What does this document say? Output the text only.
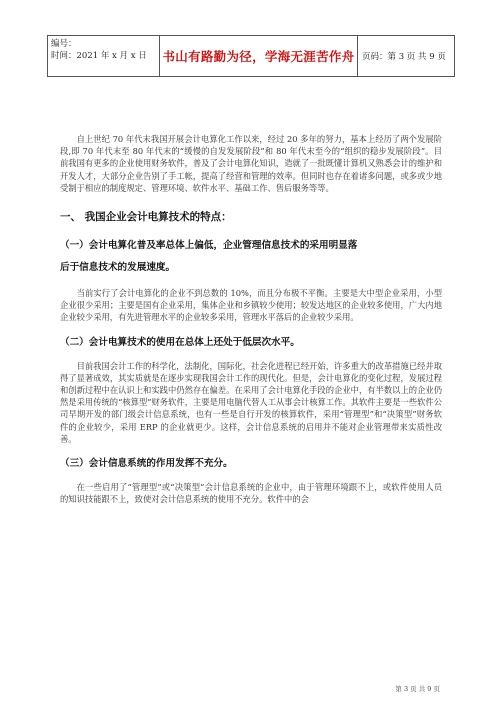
编号：
时间：2021 年 x 月 x 日	书山有路勤为径，学海无涯苦作舟 页码：第 3 页 共 9 页

自上世纪 70 年代末我国开展会计电算化工作以来，经过 20 多年的努力，基本上经历了两个发展阶段,即 70 年代末至 80 年代末的“缓慢的自发发展阶段”和 80 年代末至今的“组织的稳步发展阶段”。目前我国有更多的企业使用财务软件，普及了会计电算化知识，造就了一批既懂计算机又熟悉会计的维护和开发人才，大部分企业告别了手工帐，提高了经营和管理的效率。但同时也存在着诸多问题，或多或少地受制于相应的制度规定、管理环境、软件水平、基础工作、售后服务等等。

一、 我国企业会计电算技术的特点：
（一）会计电算化普及率总体上偏低，企业管理信息技术的采用明显落
后于信息技术的发展速度。

当前实行了会计电算化的企业不到总数的 10%，而且分布极不平衡。主要是大中型企业采用，小型企业很少采用；主要是国有企业采用，集体企业和乡镇较少使用；较发达地区的企业较多使用，广大内地企业较少采用，有先进管理水平的企业较多采用，管理水平落后的企业较少采用。

（二）会计电算技术的使用在总体上还处于低层次水平。

目前我国会计工作的科学化，法制化，国际化，社会化进程已经开始，许多重大的改革措施已经并取得了显著成效，其实质就是在逐步实现我国会计工作的现代化。但是，会计电算化的变化过程，发展过程和创新过程中在认识上和实践中仍然存在偏差。在采用了会计电算化手段的企业中，有半数以上的企业仍然是采用传统的“核算型”财务软件，主要是用电脑代替人工从事会计核算工作。其软件主要是一些软件公司早期开发的部门级会计信息系统，也有一些是自行开发的核算软件，采用“管理型”和“决策型”财务软件的企业较少，采用 ERP 的企业就更少。这样，会计信息系统的启用并不能对企业管理带来实质性改善。

（三）会计信息系统的作用发挥不充分。

在一些启用了“管理型”或“决策型”会计信息系统的企业中，由于管理环境跟不上，或软件使用人员的知识技能跟不上，致使对会计信息系统的使用不充分。软件中的会

第 3 页 共 9 页
